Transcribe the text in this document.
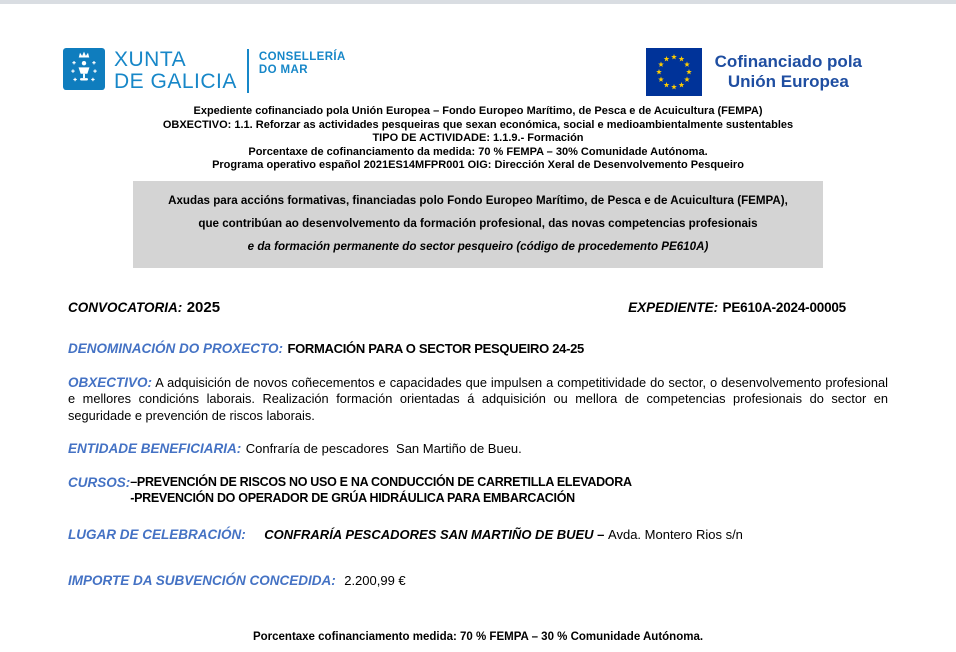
XUNTA
DE GALICIA
CONSELLERÍA
DO MAR	Cofinanciado pola
Unión Europea
Expediente cofinanciado pola Unión Europea – Fondo Europeo Marítimo, de Pesca e de Acuicultura (FEMPA)
OBXECTIVO: 1.1. Reforzar as actividades pesqueiras que sexan económica, social e medioambientalmente sustentables
TIPO DE ACTIVIDADE: 1.1.9.- Formación
Porcentaxe de cofinanciamento da medida: 70 % FEMPA – 30% Comunidade Autónoma.
Programa operativo español 2021ES14MFPR001 OIG: Dirección Xeral de Desenvolvemento Pesqueiro
Axudas para accións formativas, financiadas polo Fondo Europeo Marítimo, de Pesca e de Acuicultura (FEMPA),
que contribúan ao desenvolvemento da formación profesional, das novas competencias profesionais
e da formación permanente do sector pesqueiro (código de procedemento PE610A)
CONVOCATORIA: 2025	EXPEDIENTE: PE610A-2024-00005
DENOMINACIÓN DO PROXECTO: FORMACIÓN PARA O SECTOR PESQUEIRO 24-25
OBXECTIVO: A adquisición de novos coñecementos e capacidades que impulsen a competitividade do sector, o desenvolvemento profesional e mellores condicións laborais. Realización formación orientadas á adquisición ou mellora de competencias profesionais do sector en seguridade e prevención de riscos laborais.
ENTIDADE BENEFICIARIA: Confraría de pescadores  San Martiño de Bueu.
CURSOS: –PREVENCIÓN DE RISCOS NO USO E NA CONDUCCIÓN DE CARRETILLA ELEVADORA
-PREVENCIÓN DO OPERADOR DE GRÚA HIDRÁULICA PARA EMBARCACIÓN
LUGAR DE CELEBRACIÓN: CONFRARÍA PESCADORES SAN MARTIÑO DE BUEU – Avda. Montero Rios s/n
IMPORTE DA SUBVENCIÓN CONCEDIDA: 2.200,99 €
Porcentaxe cofinanciamento medida: 70 % FEMPA – 30 % Comunidade Autónoma.
